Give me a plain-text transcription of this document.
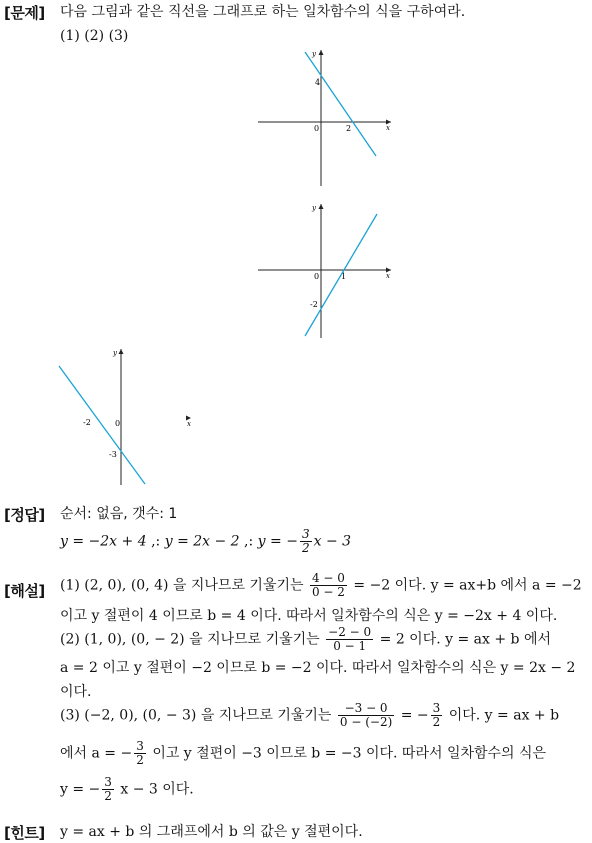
[문제] 다음 그림과 같은 직선을 그래프로 하는 일차함수의 식을 구하여라.
(1) (2) (3)
y
x
0
4
2
y
x
0	1
-2
y
x
0
-2
-3
[정답] 순서: 없음, 갯수: 1
y = −2x + 4 ,: y = 2x − 2 ,: y = − $\frac{3}{2}$ x − 3
[해설] (1) (2, 0), (0, 4) 을 지나므로 기울기는 $\frac{4 - 0}{0 - 2} = -2$ 이다. y = ax+b 에서 a = −2
이고 y 절편이 4 이므로 b = 4 이다. 따라서 일차함수의 식은 y = −2x + 4 이다.
(2) (1, 0), (0, − 2) 을 지나므로 기울기는 $\frac{-2 - 0}{0 - 1} = 2$ 이다. y = ax + b 에서
a = 2 이고 y 절편이 −2 이므로 b = −2 이다. 따라서 일차함수의 식은 y = 2x − 2
이다.
(3) (−2, 0), (0, − 3) 을 지나므로 기울기는 $\frac{-3 - 0}{0 - (-2)}$ = − $\frac{3}{2}$ 이다. y = ax + b
에서 a = − $\frac{3}{2}$ 이고 y 절편이 −3 이므로 b = −3 이다. 따라서 일차함수의 식은
y = − $\frac{3}{2}$ x − 3 이다.
[힌트] y = ax + b 의 그래프에서 b 의 값은 y 절편이다.
